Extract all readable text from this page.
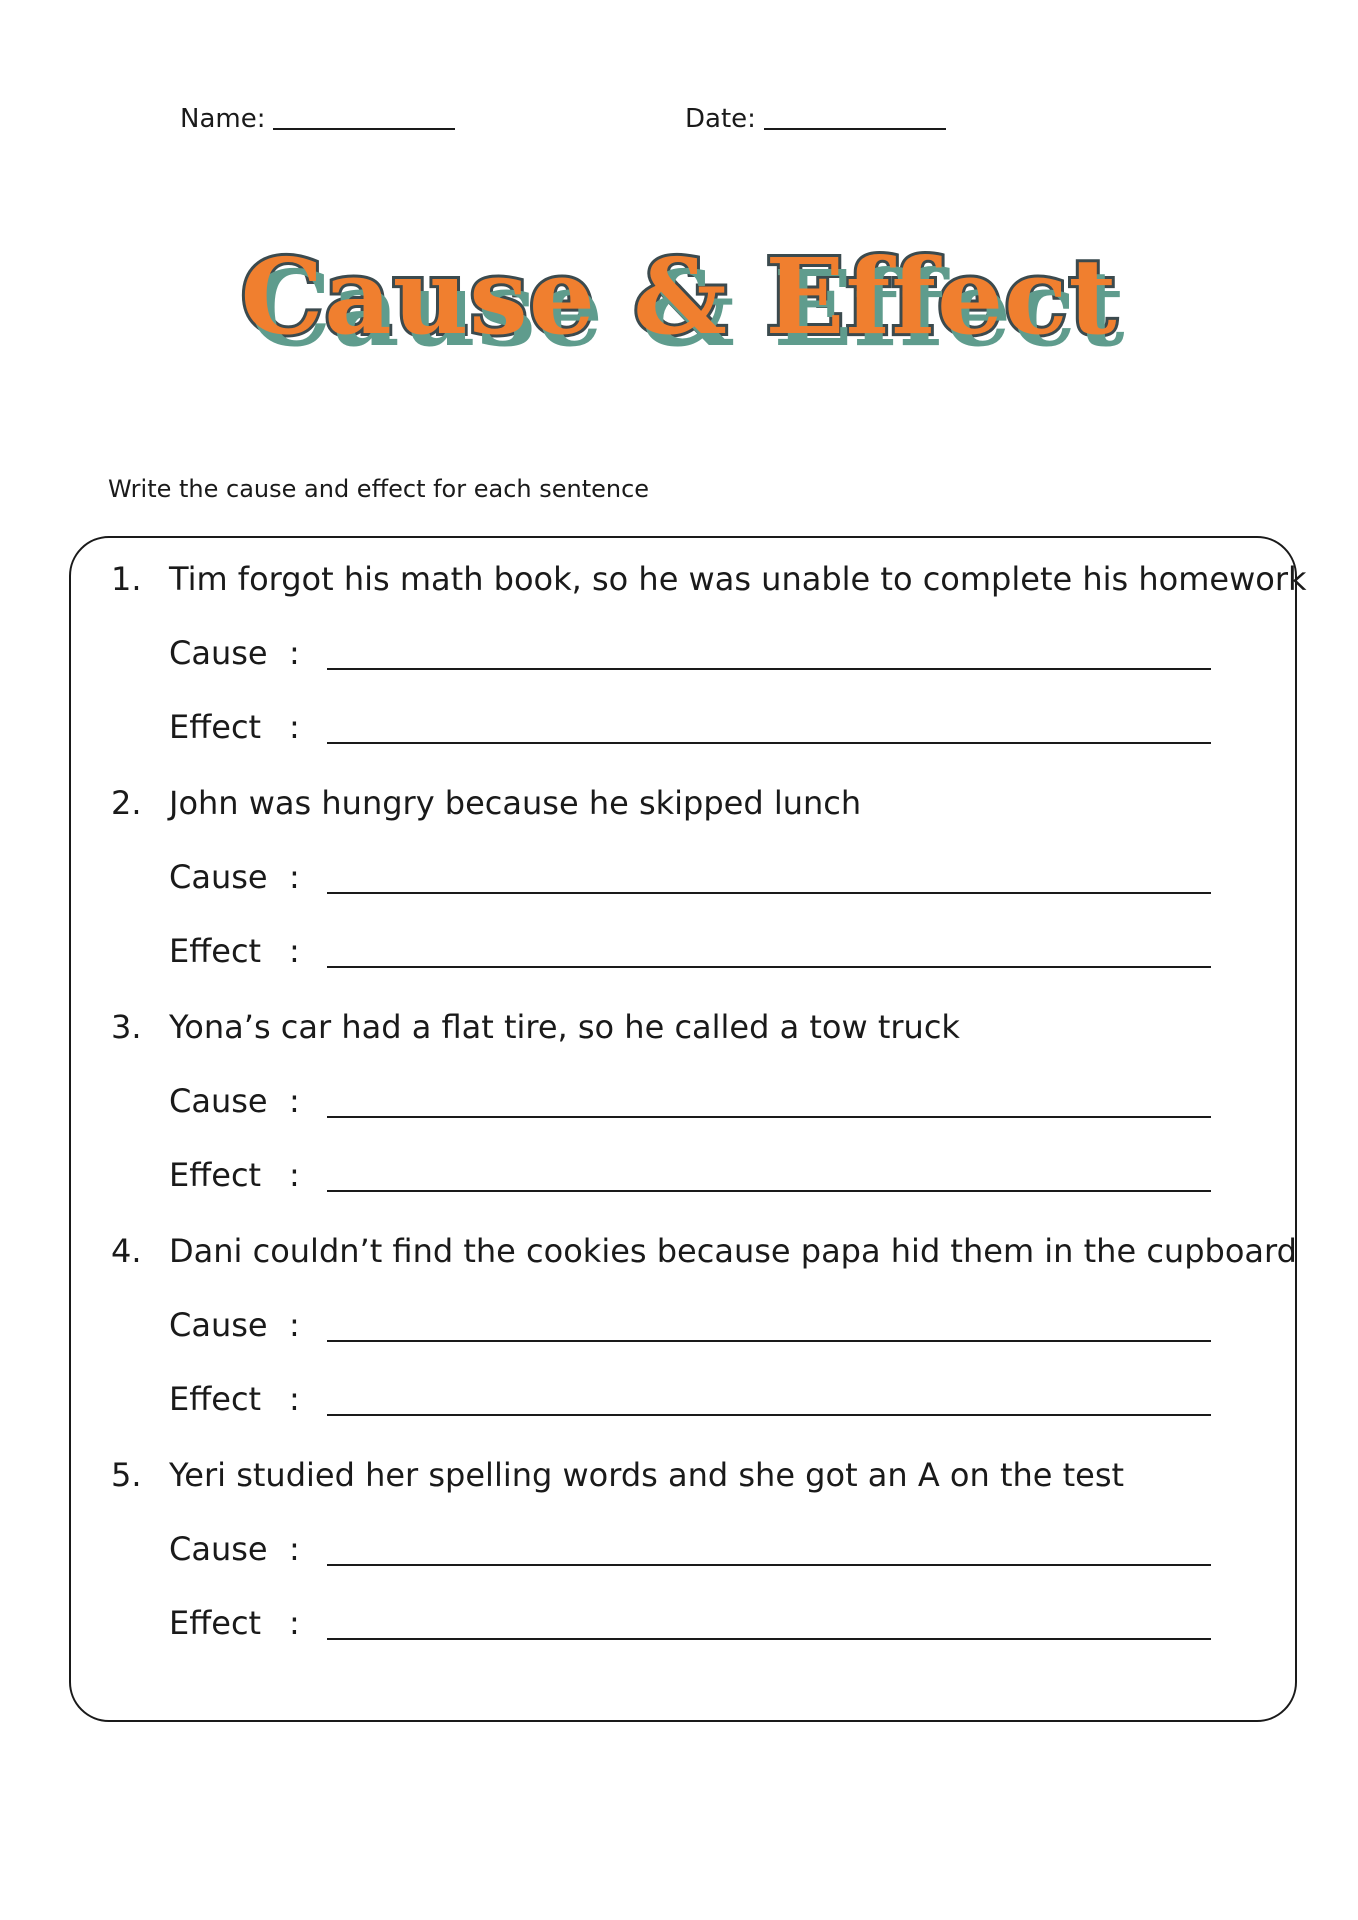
Name:	Date:
Cause & Effect
Write the cause and effect for each sentence
1. Tim forgot his math book, so he was unable to complete his homework
Cause :
Effect :
2. John was hungry because he skipped lunch
Cause :
Effect :
3. Yona’s car had a flat tire, so he called a tow truck
Cause :
Effect :
4. Dani couldn’t find the cookies because papa hid them in the cupboard
Cause :
Effect :
5. Yeri studied her spelling words and she got an A on the test
Cause :
Effect :
